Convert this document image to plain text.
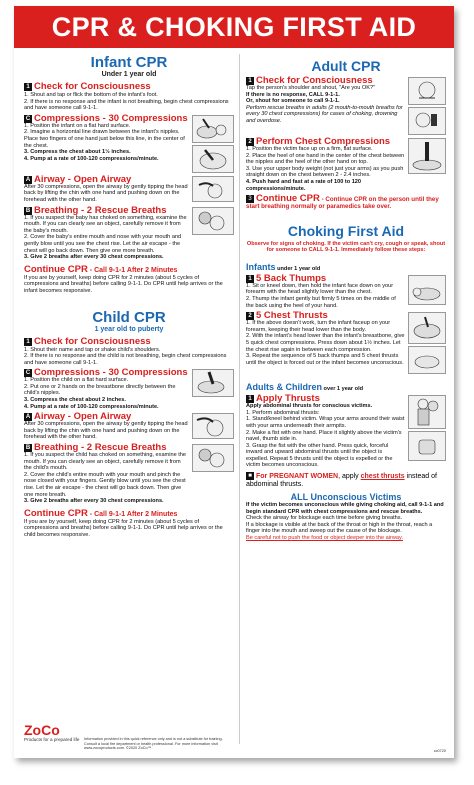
CPR & CHOKING FIRST AID
Infant CPR
Under 1 year old
1 Check for Consciousness

1. Shout and tap or flick the bottom of the infant's foot.

2. If there is no response and the infant is not breathing, begin chest compressions and have someone call 9-1-1.

C Compressions - 30 Compressions

1. Position the infant on a flat hard surface.

2. Imagine a horizontal line drawn between the infant's nipples. Place two fingers of one hand just below this line, in the center of the chest.

3. Compress the chest about 1½ inches.

4. Pump at a rate of 100-120 compressions/minute.

A Airway - Open Airway

After 30 compressions, open the airway by gently tipping the head back by lifting the chin with one hand and pushing down on the forehead with the other hand.

B Breathing - 2 Rescue Breaths

1. If you suspect the baby has choked on something, examine the mouth. If you can clearly see an object, carefully remove it from the baby's mouth.

2. Cover the baby's entire mouth and nose with your mouth and gently blow until you see the chest rise. Let the air escape - the chest will go back down. Then give one more breath.

3. Give 2 breaths after every 30 chest compressions.

Continue CPR - Call 9-1-1 After 2 Minutes

If you are by yourself, keep doing CPR for 2 minutes (about 5 cycles of compressions and breaths) before calling 9-1-1. Do CPR until help arrives or the infant becomes responsive.

Child CPR
1 year old to puberty
1 Check for Consciousness

1. Shout their name and tap or shake child's shoulders.

2. If there is no response and the child is not breathing, begin chest compressions and have someone call 9-1-1.

C Compressions - 30 Compressions

1. Position the child on a flat hard surface.

2. Put one or 2 hands on the breastbone directly between the child's nipples.

3. Compress the chest about 2 inches.

4. Pump at a rate of 100-120 compressions/minute.

A Airway - Open Airway

After 30 compressions, open the airway by gently tipping the head back by lifting the chin with one hand and pushing down on the forehead with the other hand.

B Breathing - 2 Rescue Breaths

1. If you suspect the child has choked on something, examine the mouth. If you can clearly see an object, carefully remove it from the child's mouth.

2. Cover the child's entire mouth with your mouth and pinch the nose closed with your fingers. Gently blow until you see the chest rise. Let the air escape - the chest will go back down. Then give one more breath.

3. Give 2 breaths after every 30 chest compressions.

Continue CPR - Call 9-1-1 After 2 Minutes

If you are by yourself, keep doing CPR for 2 minutes (about 5 cycles of compressions and breaths) before calling 9-1-1. Do CPR until help arrives or the child becomes responsive.

Adult CPR
1 Check for Consciousness

Tap the person's shoulder and shout, "Are you OK?"

If there is no response, CALL 9-1-1.

Or, shout for someone to call 9-1-1.

Perform rescue breaths in adults (2 mouth-to-mouth breaths for every 30 chest compressions) for cases of choking, drowning and overdose.

2 Perform Chest Compressions

1. Position the victim face up on a firm, flat surface.

2. Place the heel of one hand in the center of the chest between the nipples and the heel of the other hand on top.

3. Use your upper body weight (not just your arms) as you push straight down on the chest between 2 - 2.4 inches.

4. Push hard and fast at a rate of 100 to 120 compressions/minute.

3 Continue CPR - Continue CPR on the person until they start breathing normally or paramedics take over.
Choking First Aid
Observe for signs of choking. If the victim can't cry, cough or speak, shout for someone to CALL 9-1-1. Immediately follow these steps:
Infants under 1 year old
1 5 Back Thumps

1. Sit or kneel down, then hold the infant face down on your forearm with the head slightly lower than the chest.

2. Thump the infant gently but firmly 5 times on the middle of the back using the heel of your hand.

2 5 Chest Thrusts

1. If the above doesn't work, turn the infant faceup on your forearm, keeping their head lower than the body.

2. With the infant's head lower than the infant's breastbone, give 5 quick chest compressions. Press down about 1½ inches. Let the chest rise again in between each compression.

3. Repeat the sequence of 5 back thumps and 5 chest thrusts until the object is forced out or the infant becomes unconscious.

Adults & Children over 1 year old
1 Apply Thrusts

Apply abdominal thrusts for conscious victims.

1. Perform abdominal thrusts:

1. Stand/kneel behind victim. Wrap your arms around their waist with your arms underneath their armpits.

2. Make a fist with one hand. Place it slightly above the victim's navel, thumb side in.

3. Grasp the fist with the other hand. Press quick, forceful inward and upward abdominal thrusts until the object is expelled. Repeat 5 thrusts until the object is expelled or the victim becomes unconscious.

■ For PREGNANT WOMEN, apply chest thrusts instead of abdominal thrusts.
ALL Unconscious Victims

If the victim becomes unconscious while giving choking aid, call 9-1-1 and begin standard CPR with chest compressions and rescue breaths.

Check the airway for blockage each time before giving breaths.

If a blockage is visible at the back of the throat or high in the throat, reach a finger into the mouth and sweep out the cause of the blockage.

Be careful not to push the food or object deeper into the airway.

ZoCo
Products for a prepared life Information provided in this quick reference only and is not a substitute for training. Consult a local fire department or health professional. For more information visit www.zocoproducts.com. ©2020 ZoCo™
cc0720
